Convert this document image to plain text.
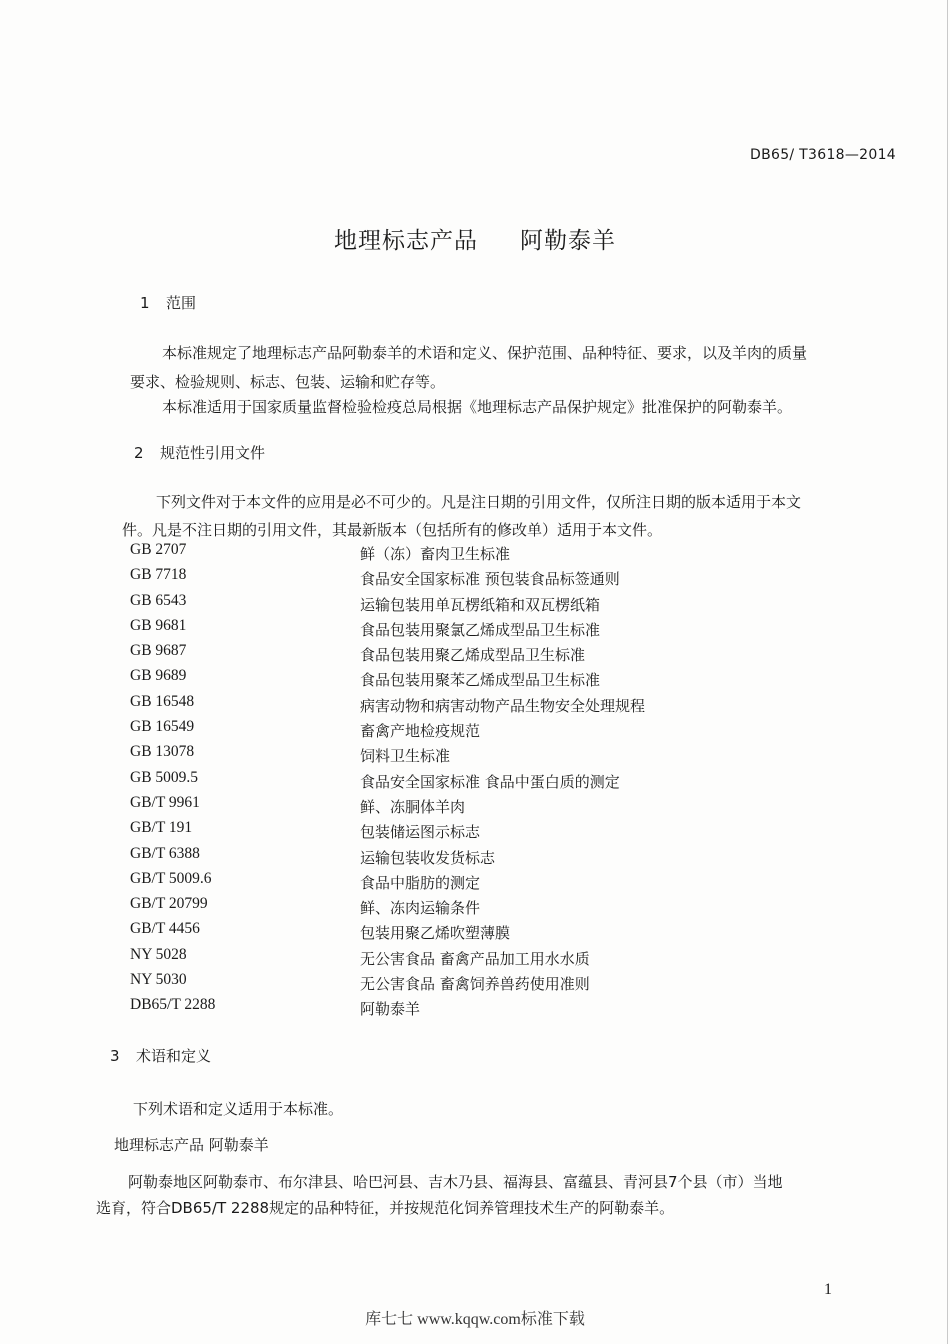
DB65/ T3618—2014
地理标志产品 阿勒泰羊
1 范围
本标准规定了地理标志产品阿勒泰羊的术语和定义、保护范围、品种特征、要求，以及羊肉的质量
要求、检验规则、标志、包装、运输和贮存等。
本标准适用于国家质量监督检验检疫总局根据《地理标志产品保护规定》批准保护的阿勒泰羊。
2 规范性引用文件
下列文件对于本文件的应用是必不可少的。凡是注日期的引用文件，仅所注日期的版本适用于本文
件。凡是不注日期的引用文件，其最新版本（包括所有的修改单）适用于本文件。
GB 2707	鲜（冻）畜肉卫生标准
GB 7718	食品安全国家标准 预包装食品标签通则
GB 6543	运输包装用单瓦楞纸箱和双瓦楞纸箱
GB 9681	食品包装用聚氯乙烯成型品卫生标准
GB 9687	食品包装用聚乙烯成型品卫生标准
GB 9689	食品包装用聚苯乙烯成型品卫生标准
GB 16548	病害动物和病害动物产品生物安全处理规程
GB 16549	畜禽产地检疫规范
GB 13078	饲料卫生标准
GB 5009.5	食品安全国家标准 食品中蛋白质的测定
GB/T 9961	鲜、冻胴体羊肉
GB/T 191	包装储运图示标志
GB/T 6388	运输包装收发货标志
GB/T 5009.6	食品中脂肪的测定
GB/T 20799	鲜、冻肉运输条件
GB/T 4456	包装用聚乙烯吹塑薄膜
NY 5028	无公害食品 畜禽产品加工用水水质
NY 5030	无公害食品 畜禽饲养兽药使用准则
DB65/T 2288	阿勒泰羊
3 术语和定义
下列术语和定义适用于本标准。
地理标志产品 阿勒泰羊
阿勒泰地区阿勒泰市、布尔津县、哈巴河县、吉木乃县、福海县、富蕴县、青河县7个县（市）当地
选育，符合DB65/T 2288规定的品种特征，并按规范化饲养管理技术生产的阿勒泰羊。
1
库七七 www.kqqw.com标准下载
